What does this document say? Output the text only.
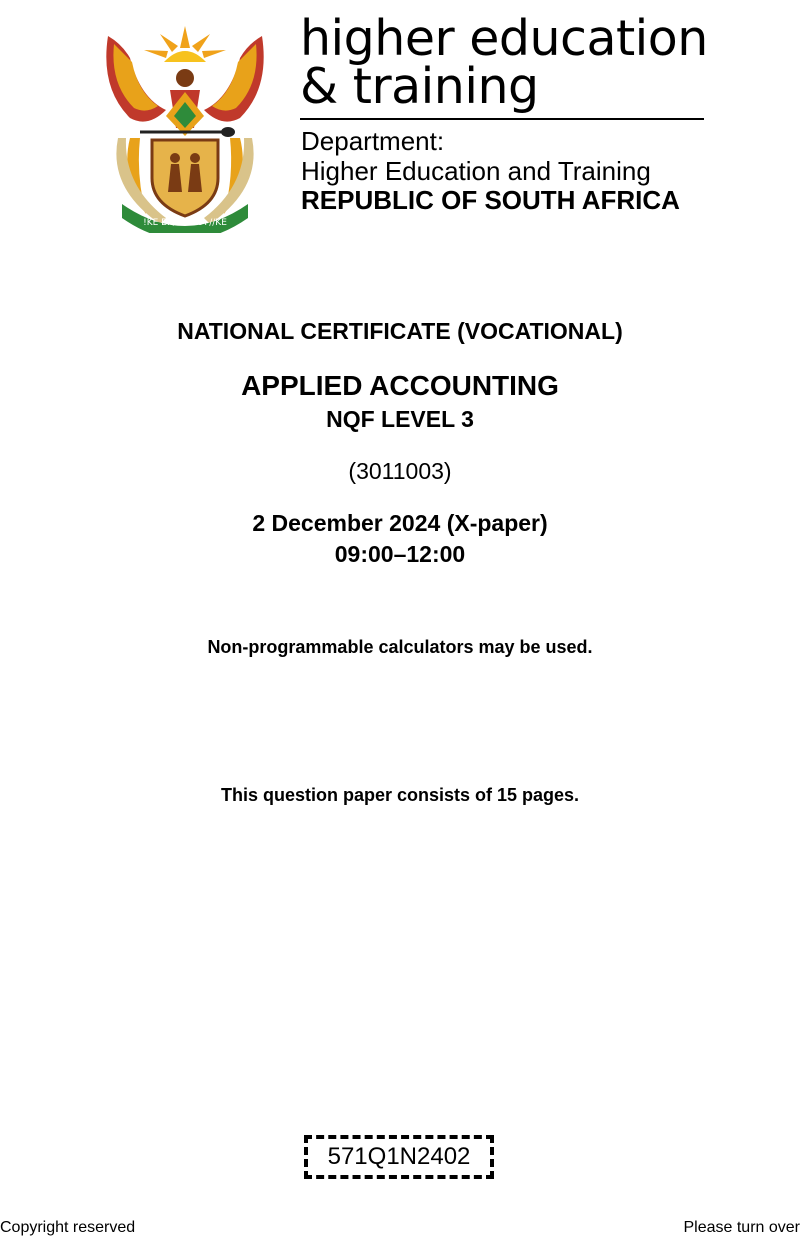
!KE E: /XARRA //KE
higher education
& training
Department:
Higher Education and Training
REPUBLIC OF SOUTH AFRICA
NATIONAL CERTIFICATE (VOCATIONAL)
APPLIED ACCOUNTING
NQF LEVEL 3
(3011003)
2 December 2024 (X-paper)
09:00–12:00
Non-programmable calculators may be used.
This question paper consists of 15 pages.
571Q1N2402
Copyright reserved	Please turn over
